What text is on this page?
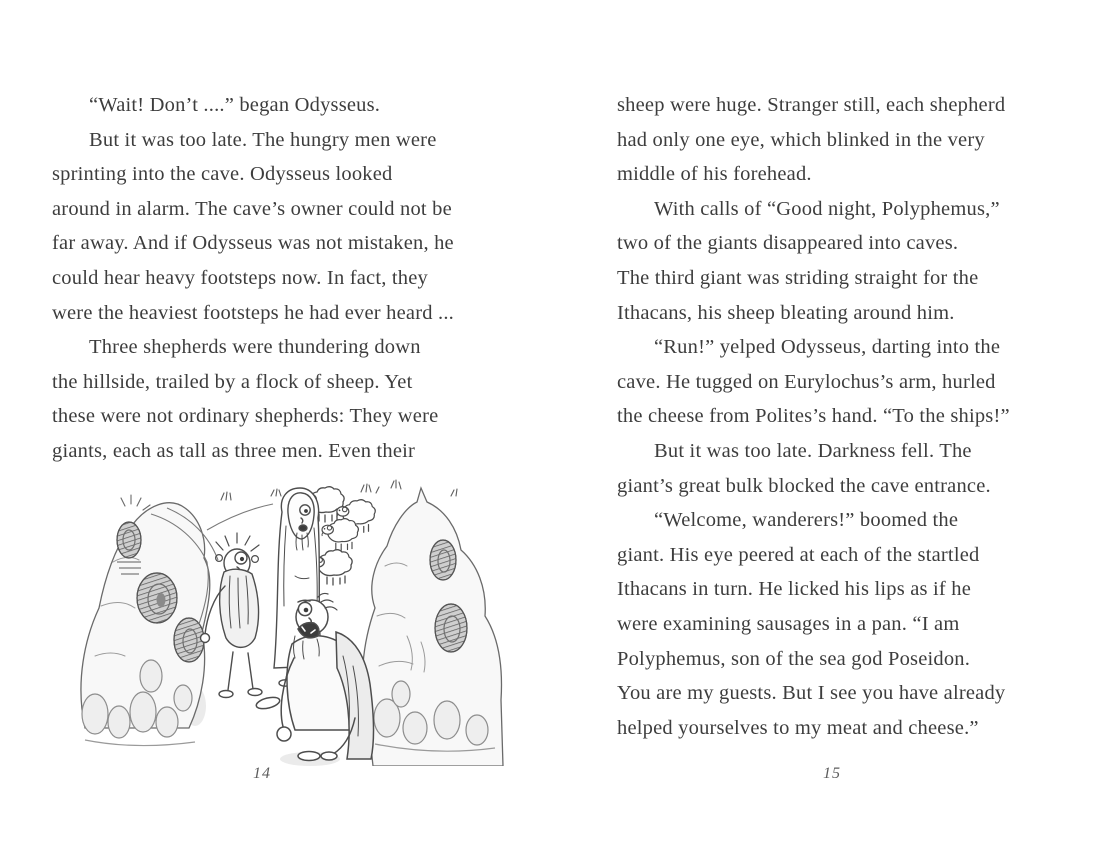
“Wait! Don’t ....” began Odysseus.
But it was too late. The hungry men were
sprinting into the cave. Odysseus looked
around in alarm. The cave’s owner could not be
far away. And if Odysseus was not mistaken, he
could hear heavy footsteps now. In fact, they
were the heaviest footsteps he had ever heard ...
Three shepherds were thundering down
the hillside, trailed by a flock of sheep. Yet
these were not ordinary shepherds: They were
giants, each as tall as three men. Even their
14
sheep were huge. Stranger still, each shepherd
had only one eye, which blinked in the very
middle of his forehead.
With calls of “Good night, Polyphemus,”
two of the giants disappeared into caves.
The third giant was striding straight for the
Ithacans, his sheep bleating around him.
“Run!” yelped Odysseus, darting into the
cave. He tugged on Eurylochus’s arm, hurled
the cheese from Polites’s hand. “To the ships!”
But it was too late. Darkness fell. The
giant’s great bulk blocked the cave entrance.
“Welcome, wanderers!” boomed the
giant. His eye peered at each of the startled
Ithacans in turn. He licked his lips as if he
were examining sausages in a pan. “I am
Polyphemus, son of the sea god Poseidon.
You are my guests. But I see you have already
helped yourselves to my meat and cheese.”
15
